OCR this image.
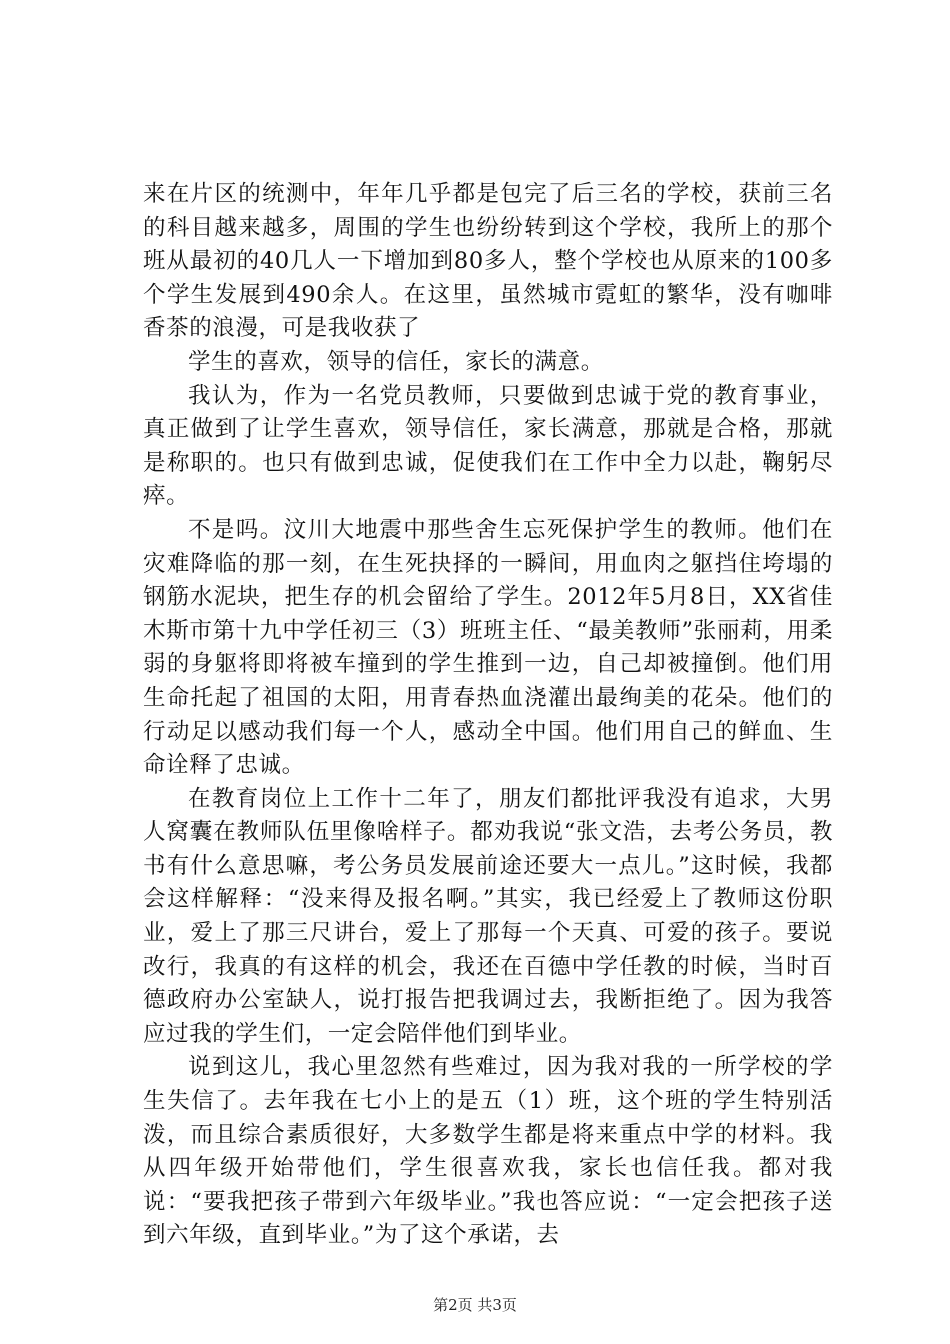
来在片区的统测中，年年几乎都是包完了后三名的学校，获前三名的科目越来越多，周围的学生也纷纷转到这个学校，我所上的那个班从最初的40几人一下增加到80多人，整个学校也从原来的100多个学生发展到490余人。在这里，虽然城市霓虹的繁华，没有咖啡香茶的浪漫，可是我收获了

学生的喜欢，领导的信任，家长的满意。

我认为，作为一名党员教师，只要做到忠诚于党的教育事业，真正做到了让学生喜欢，领导信任，家长满意，那就是合格，那就是称职的。也只有做到忠诚，促使我们在工作中全力以赴，鞠躬尽瘁。

不是吗。汶川大地震中那些舍生忘死保护学生的教师。他们在灾难降临的那一刻，在生死抉择的一瞬间，用血肉之躯挡住垮塌的钢筋水泥块，把生存的机会留给了学生。2012年5月8日，XX省佳木斯市第十九中学任初三（3）班班主任、“最美教师”张丽莉，用柔弱的身躯将即将被车撞到的学生推到一边，自己却被撞倒。他们用生命托起了祖国的太阳，用青春热血浇灌出最绚美的花朵。他们的行动足以感动我们每一个人，感动全中国。他们用自己的鲜血、生命诠释了忠诚。

在教育岗位上工作十二年了，朋友们都批评我没有追求，大男人窝囊在教师队伍里像啥样子。都劝我说“张文浩，去考公务员，教书有什么意思嘛，考公务员发展前途还要大一点儿。”这时候，我都会这样解释：“没来得及报名啊。”其实，我已经爱上了教师这份职业，爱上了那三尺讲台，爱上了那每一个天真、可爱的孩子。要说改行，我真的有这样的机会，我还在百德中学任教的时候，当时百德政府办公室缺人，说打报告把我调过去，我断拒绝了。因为我答应过我的学生们，一定会陪伴他们到毕业。

说到这儿，我心里忽然有些难过，因为我对我的一所学校的学生失信了。去年我在七小上的是五（1）班，这个班的学生特别活泼，而且综合素质很好，大多数学生都是将来重点中学的材料。我从四年级开始带他们，学生很喜欢我，家长也信任我。都对我说：“要我把孩子带到六年级毕业。”我也答应说：“一定会把孩子送到六年级，直到毕业。”为了这个承诺，去

第2页 共3页
